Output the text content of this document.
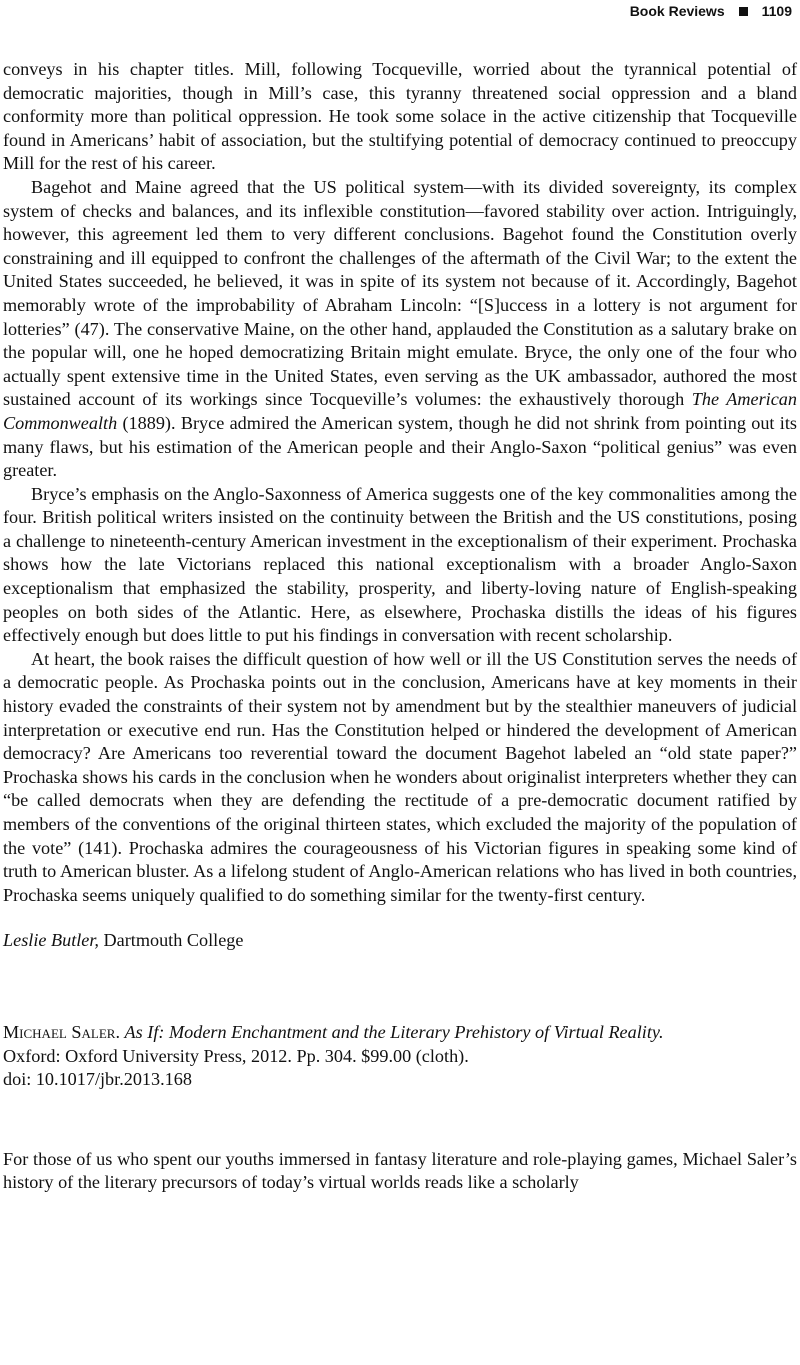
Book Reviews	1109

conveys in his chapter titles. Mill, following Tocqueville, worried about the tyrannical potential of democratic majorities, though in Mill’s case, this tyranny threatened social oppression and a bland conformity more than political oppression. He took some solace in the active citizenship that Tocqueville found in Americans’ habit of association, but the stultifying potential of democracy continued to preoccupy Mill for the rest of his career.

Bagehot and Maine agreed that the US political system—with its divided sovereignty, its complex system of checks and balances, and its inflexible constitution—favored stability over action. Intriguingly, however, this agreement led them to very different conclusions. Bagehot found the Constitution overly constraining and ill equipped to confront the challenges of the aftermath of the Civil War; to the extent the United States succeeded, he believed, it was in spite of its system not because of it. Accordingly, Bagehot memorably wrote of the improbability of Abraham Lincoln: “[S]uccess in a lottery is not argument for lotteries” (47). The conservative Maine, on the other hand, applauded the Constitution as a salutary brake on the popular will, one he hoped democratizing Britain might emulate. Bryce, the only one of the four who actually spent extensive time in the United States, even serving as the UK ambassador, authored the most sustained account of its workings since Tocqueville’s volumes: the exhaustively thorough The American Commonwealth (1889). Bryce admired the American system, though he did not shrink from pointing out its many flaws, but his estimation of the American people and their Anglo-Saxon “political genius” was even greater.

Bryce’s emphasis on the Anglo-Saxonness of America suggests one of the key commonalities among the four. British political writers insisted on the continuity between the British and the US constitutions, posing a challenge to nineteenth-century American investment in the exceptionalism of their experiment. Prochaska shows how the late Victorians replaced this national exceptionalism with a broader Anglo-Saxon exceptionalism that emphasized the stability, prosperity, and liberty-loving nature of English-speaking peoples on both sides of the Atlantic. Here, as elsewhere, Prochaska distills the ideas of his figures effectively enough but does little to put his findings in conversation with recent scholarship.

At heart, the book raises the difficult question of how well or ill the US Constitution serves the needs of a democratic people. As Prochaska points out in the conclusion, Americans have at key moments in their history evaded the constraints of their system not by amendment but by the stealthier maneuvers of judicial interpretation or executive end run. Has the Constitution helped or hindered the development of American democracy? Are Americans too reverential toward the document Bagehot labeled an “old state paper?” Prochaska shows his cards in the conclusion when he wonders about originalist interpreters whether they can “be called democrats when they are defending the rectitude of a pre-democratic document ratified by members of the conventions of the original thirteen states, which excluded the majority of the population of the vote” (141). Prochaska admires the courageousness of his Victorian figures in speaking some kind of truth to American bluster. As a lifelong student of Anglo-American relations who has lived in both countries, Prochaska seems uniquely qualified to do something similar for the twenty-first century.

Leslie Butler, Dartmouth College

Michael Saler. As If: Modern Enchantment and the Literary Prehistory of Virtual Reality.
Oxford: Oxford University Press, 2012. Pp. 304. $99.00 (cloth).
doi: 10.1017/jbr.2013.168

For those of us who spent our youths immersed in fantasy literature and role-playing games, Michael Saler’s history of the literary precursors of today’s virtual worlds reads like a scholarly
